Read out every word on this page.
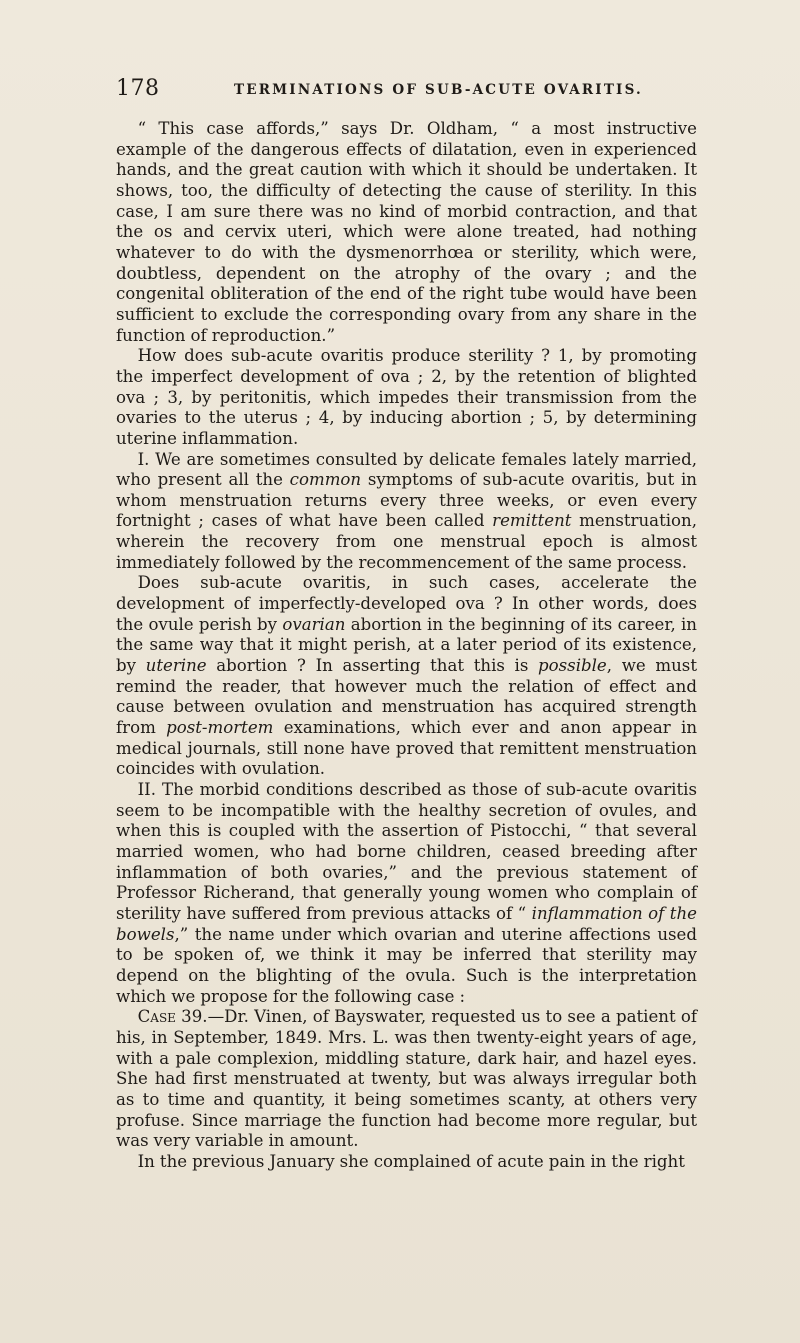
178	TERMINATIONS OF SUB-ACUTE OVARITIS.

“ This case affords,” says Dr. Oldham, “ a most instructive example of the dangerous effects of dilatation, even in experienced hands, and the great caution with which it should be undertaken. It shows, too, the difficulty of detecting the cause of sterility. In this case, I am sure there was no kind of morbid contraction, and that the os and cervix uteri, which were alone treated, had nothing whatever to do with the dysmenorrhœa or sterility, which were, doubtless, dependent on the atrophy of the ovary ; and the congenital obliteration of the end of the right tube would have been sufficient to exclude the corresponding ovary from any share in the function of reproduction.”

How does sub-acute ovaritis produce sterility ? 1, by promoting the imperfect development of ova ; 2, by the retention of blighted ova ; 3, by peritonitis, which impedes their transmission from the ovaries to the uterus ; 4, by inducing abortion ; 5, by determining uterine inflammation.

I. We are sometimes consulted by delicate females lately married, who present all the common symptoms of sub-acute ovaritis, but in whom menstruation returns every three weeks, or even every fortnight ; cases of what have been called remittent menstruation, wherein the recovery from one menstrual epoch is almost immediately followed by the recommencement of the same process.

Does sub-acute ovaritis, in such cases, accelerate the development of imperfectly-developed ova ? In other words, does the ovule perish by ovarian abortion in the beginning of its career, in the same way that it might perish, at a later period of its existence, by uterine abortion ? In asserting that this is possible, we must remind the reader, that however much the relation of effect and cause between ovulation and menstruation has acquired strength from post-mortem examinations, which ever and anon appear in medical journals, still none have proved that remittent menstruation coincides with ovulation.

II. The morbid conditions described as those of sub-acute ovaritis seem to be incompatible with the healthy secretion of ovules, and when this is coupled with the assertion of Pistocchi, “ that several married women, who had borne children, ceased breeding after inflammation of both ovaries,” and the previous statement of Professor Richerand, that generally young women who complain of sterility have suffered from previous attacks of “ inflammation of the bowels,” the name under which ovarian and uterine affections used to be spoken of, we think it may be inferred that sterility may depend on the blighting of the ovula. Such is the interpretation which we propose for the following case :

Case 39.—Dr. Vinen, of Bayswater, requested us to see a patient of his, in September, 1849. Mrs. L. was then twenty-eight years of age, with a pale complexion, middling stature, dark hair, and hazel eyes. She had first menstruated at twenty, but was always irregular both as to time and quantity, it being sometimes scanty, at others very profuse. Since marriage the function had become more regular, but was very variable in amount.

In the previous January she complained of acute pain in the right
